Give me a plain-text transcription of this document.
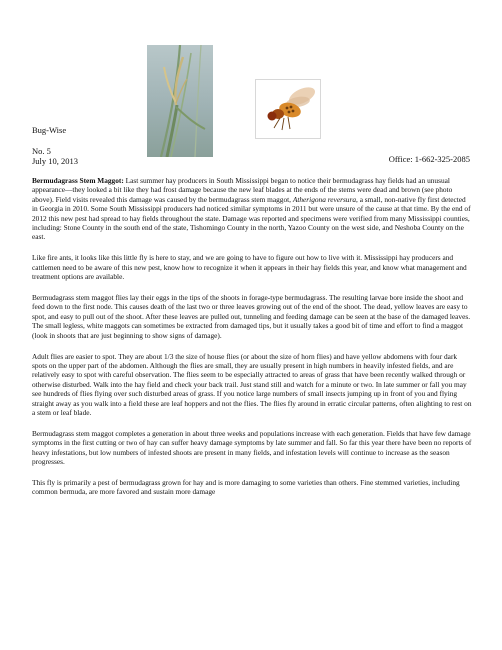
Bug-Wise
No. 5
July 10, 2013	Office: 1-662-325-2085

Bermudagrass Stem Maggot: Last summer hay producers in South Mississippi began to notice their bermudagrass hay fields had an unusual appearance—they looked a bit like they had frost damage because the new leaf blades at the ends of the stems were dead and brown (see photo above). Field visits revealed this damage was caused by the bermudagrass stem maggot, Atherigona reversura, a small, non-native fly first detected in Georgia in 2010. Some South Mississippi producers had noticed similar symptoms in 2011 but were unsure of the cause at that time. By the end of 2012 this new pest had spread to hay fields throughout the state. Damage was reported and specimens were verified from many Mississippi counties, including: Stone County in the south end of the state, Tishomingo County in the north, Yazoo County on the west side, and Neshoba County on the east.

Like fire ants, it looks like this little fly is here to stay, and we are going to have to figure out how to live with it. Mississippi hay producers and cattlemen need to be aware of this new pest, know how to recognize it when it appears in their hay fields this year, and know what management and treatment options are available.

Bermudagrass stem maggot flies lay their eggs in the tips of the shoots in forage-type bermudagrass. The resulting larvae bore inside the shoot and feed down to the first node. This causes death of the last two or three leaves growing out of the end of the shoot. The dead, yellow leaves are easy to spot, and easy to pull out of the shoot. After these leaves are pulled out, tunneling and feeding damage can be seen at the base of the damaged leaves. The small legless, white maggots can sometimes be extracted from damaged tips, but it usually takes a good bit of time and effort to find a maggot (look in shoots that are just beginning to show signs of damage).

Adult flies are easier to spot. They are about 1/3 the size of house flies (or about the size of horn flies) and have yellow abdomens with four dark spots on the upper part of the abdomen. Although the flies are small, they are usually present in high numbers in heavily infested fields, and are relatively easy to spot with careful observation. The flies seem to be especially attracted to areas of grass that have been recently walked through or otherwise disturbed. Walk into the hay field and check your back trail. Just stand still and watch for a minute or two. In late summer or fall you may see hundreds of flies flying over such disturbed areas of grass. If you notice large numbers of small insects jumping up in front of you and flying straight away as you walk into a field these are leaf hoppers and not the flies. The flies fly around in erratic circular patterns, often alighting to rest on a stem or leaf blade.

Bermudagrass stem maggot completes a generation in about three weeks and populations increase with each generation. Fields that have few damage symptoms in the first cutting or two of hay can suffer heavy damage symptoms by late summer and fall. So far this year there have been no reports of heavy infestations, but low numbers of infested shoots are present in many fields, and infestation levels will continue to increase as the season progresses.

This fly is primarily a pest of bermudagrass grown for hay and is more damaging to some varieties than others. Fine stemmed varieties, including common bermuda, are more favored and sustain more damage
